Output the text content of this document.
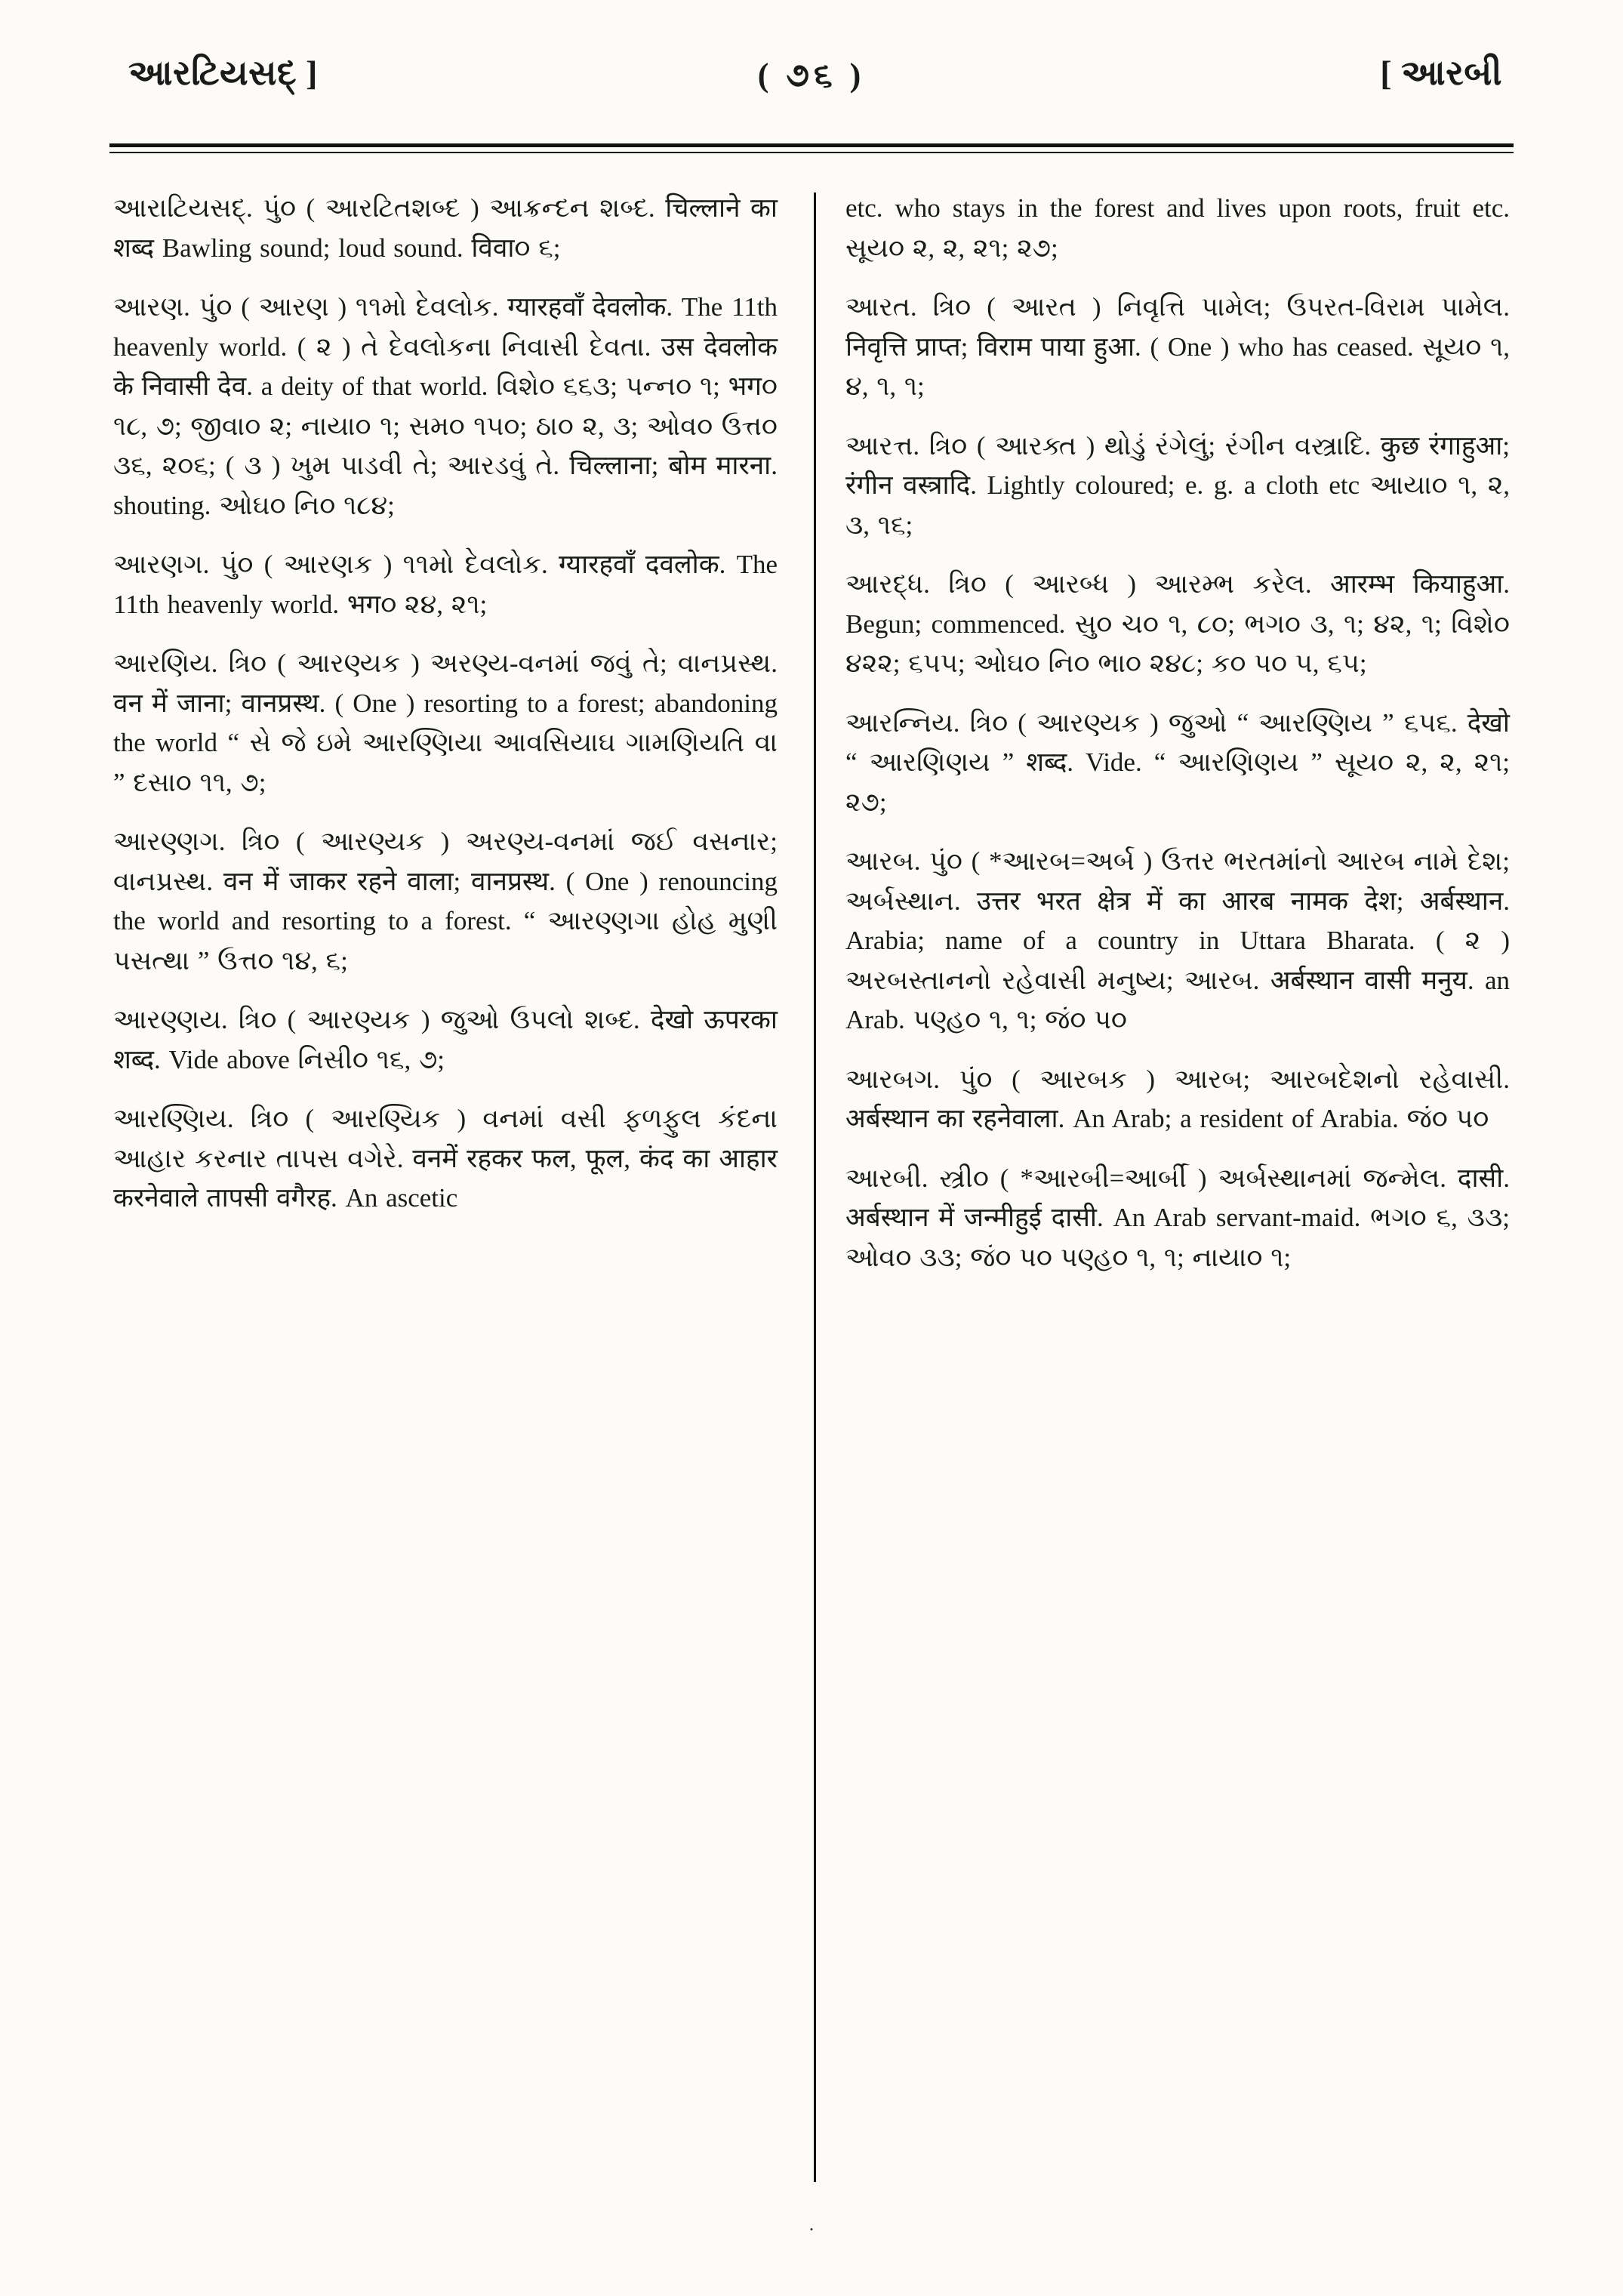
આરટિયસદ્ ]	( ૭૬ )	[ આરબી

આરાટિયસદ્. પું૦ ( આરટિતશબ્દ ) આક્રન્દન શબ્દ. चिल्लाने का शब्द Bawling sound; loud sound. विवा૦ ૬;

આરણ. પું૦ ( આરણ ) ૧૧મો દેવલોક. ग्यारहवाँ देवलोक. The 11th heavenly world. ( ૨ ) તે દેવલોકના નિવાસી દેવતા. उस देवलोक के निवासी देव. a deity of that world. વિશે૦ ૬૬૩; પન્ન૦ ૧; भग૦ ૧૮, ૭; જીવા૦ ૨; નાયા૦ ૧; સમ૦ ૧૫૦; ઠા૦ ૨, ૩; ઓવ૦ ઉત્ત૦ ૩૬, ૨૦૬; ( ૩ ) ખુમ પાડવી તે; આરડવું તે. चिल्लाना; बोम मारना. shouting. ઓઘ૦ નિ૦ ૧૮૪;

આરણગ. પું૦ ( આરણક ) ૧૧મો દેવલોક. ग्यारहवाँ दवलोक. The 11th heavenly world. भग૦ ૨૪, ૨૧;

આરણિય. ત્રિ૦ ( આરણ્યક ) અરણ્ય-વનમાં જવું તે; વાનપ્રસ્થ. वन में जाना; वानप्रस्थ. ( One ) resorting to a forest; abandoning the world “ સે જે ઇમે આરણ્ણિયા આવસિયાઘ ગામણિયતિ વા ” દસા૦ ૧૧, ૭;

આરણ્ણગ. ત્રિ૦ ( આરણ્યક ) અરણ્ય-વનમાં જઈ વસનાર; વાનપ્રસ્થ. वन में जाकर रहने वाला; वानप्रस्थ. ( One ) renouncing the world and resorting to a forest. “ આરણ્ણગા હોહ મુણી પસત્થા ” ઉત્ત૦ ૧૪, ૬;

આરણ્ણય. ત્રિ૦ ( આરણ્યક ) જુઓ ઉપલો શબ્દ. देखो ऊपरका शब्द. Vide above નિસી૦ ૧૬, ૭;

આરણ્ણિય. ત્રિ૦ ( આરણ્યિક ) વનમાં વસી ફળફુલ કંદના આહાર કરનાર તાપસ વગેરે. वनमें रहकर फल, फूल, कंद का आहार करनेवाले तापसी वगैरह. An ascetic

etc. who stays in the forest and lives upon roots, fruit etc. સૂય૦ ૨, ૨, ૨૧; ૨૭;

આરત. ત્રિ૦ ( આરત ) નિવૃત્તિ પામેલ; ઉપરત-વિરામ પામેલ. निवृत्ति प्राप्त; विराम पाया हुआ. ( One ) who has ceased. સૂય૦ ૧, ૪, ૧, ૧;

આરત્ત. ત્રિ૦ ( આરક્ત ) થોડું રંગેલું; રંગીન વસ્ત્રાદિ. कुछ रंगाहुआ; रंगीन वस्त्रादि. Lightly coloured; e. g. a cloth etc આયા૦ ૧, ૨, ૩, ૧૬;

આરદ્ધ. ત્રિ૦ ( આરબ્ધ ) આરમ્ભ કરેલ. आरम्भ कियाहुआ. Begun; commenced. સુ૦ ચ૦ ૧, ૮૦; ભગ૦ ૩, ૧; ૪૨, ૧; વિશે૦ ૪૨૨; ૬૫૫; ઓઘ૦ નિ૦ ભા૦ ૨૪૮; ક૦ પ૦ ૫, ૬૫;

આરન્નિય. ત્રિ૦ ( આરણ્યક ) જુઓ “ આરણ્ણિય ” ૬૫૬. देखो “ આરણિણય ” शब्द. Vide. “ આરણિણય ” સૂય૦ ૨, ૨, ૨૧; ૨૭;

આરબ. પું૦ ( *આરબ=અર્બ ) ઉત્તર ભરતમાંનો આરબ નામે દેશ; અર્બસ્થાન. उत्तर भरत क्षेत्र में का आरब नामक देश; अर्बस्थान. Arabia; name of a country in Uttara Bharata. ( ૨ ) અરબસ્તાનનો રહેવાસી મનુષ્ય; આરબ. अर्बस्थान वासी मनुय. an Arab. પણ્હ૦ ૧, ૧; જં૦ પ૦

આરબગ. પું૦ ( આરબક ) આરબ; આરબદેશનો રહેવાસી. अर्बस्थान का रहनेवाला. An Arab; a resident of Arabia. જં૦ પ૦

આરબી. સ્ત્રી૦ ( *આરબી=આર્બી ) અર્બસ્થાનમાં જન્મેલ. दासी. अर्बस्थान में जन्मीहुई दासी. An Arab servant-maid. ભગ૦ ૬, ૩૩; ઓવ૦ ૩૩; જં૦ પ૦ પણ્હ૦ ૧, ૧; નાયા૦ ૧;

.
